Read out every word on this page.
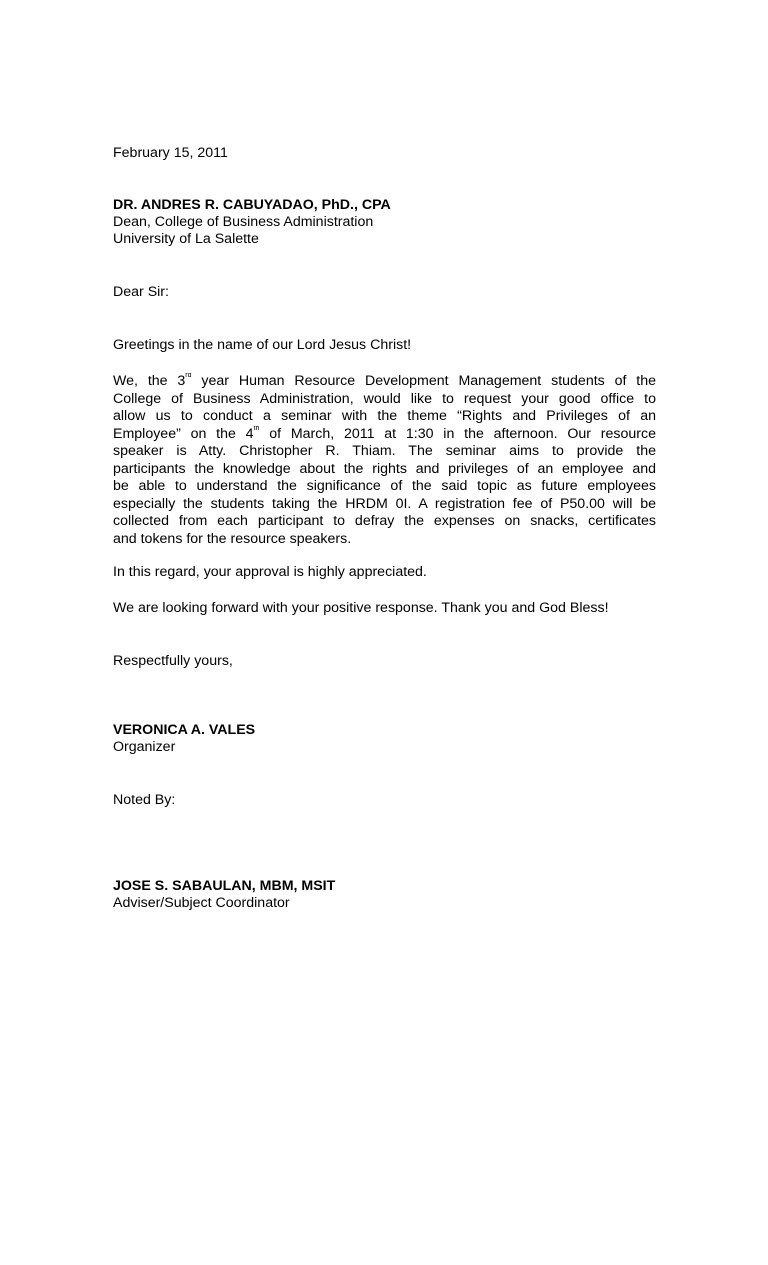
February 15, 2011
DR. ANDRES R. CABUYADAO, PhD., CPA
Dean, College of Business Administration
University of La Salette
Dear Sir:
Greetings in the name of our Lord Jesus Christ!
We, the 3rd year Human Resource Development Management students of the
College of Business Administration, would like to request your good office to
allow us to conduct a seminar with the theme “Rights and Privileges of an
Employee” on the 4th of March, 2011 at 1:30 in the afternoon. Our resource
speaker is Atty. Christopher R. Thiam. The seminar aims to provide the
participants the knowledge about the rights and privileges of an employee and
be able to understand the significance of the said topic as future employees
especially the students taking the HRDM 0I. A registration fee of P50.00 will be
collected from each participant to defray the expenses on snacks, certificates
and tokens for the resource speakers.
In this regard, your approval is highly appreciated.
We are looking forward with your positive response. Thank you and God Bless!
Respectfully yours,
VERONICA A. VALES
Organizer
Noted By:
JOSE S. SABAULAN, MBM, MSIT
Adviser/Subject Coordinator
